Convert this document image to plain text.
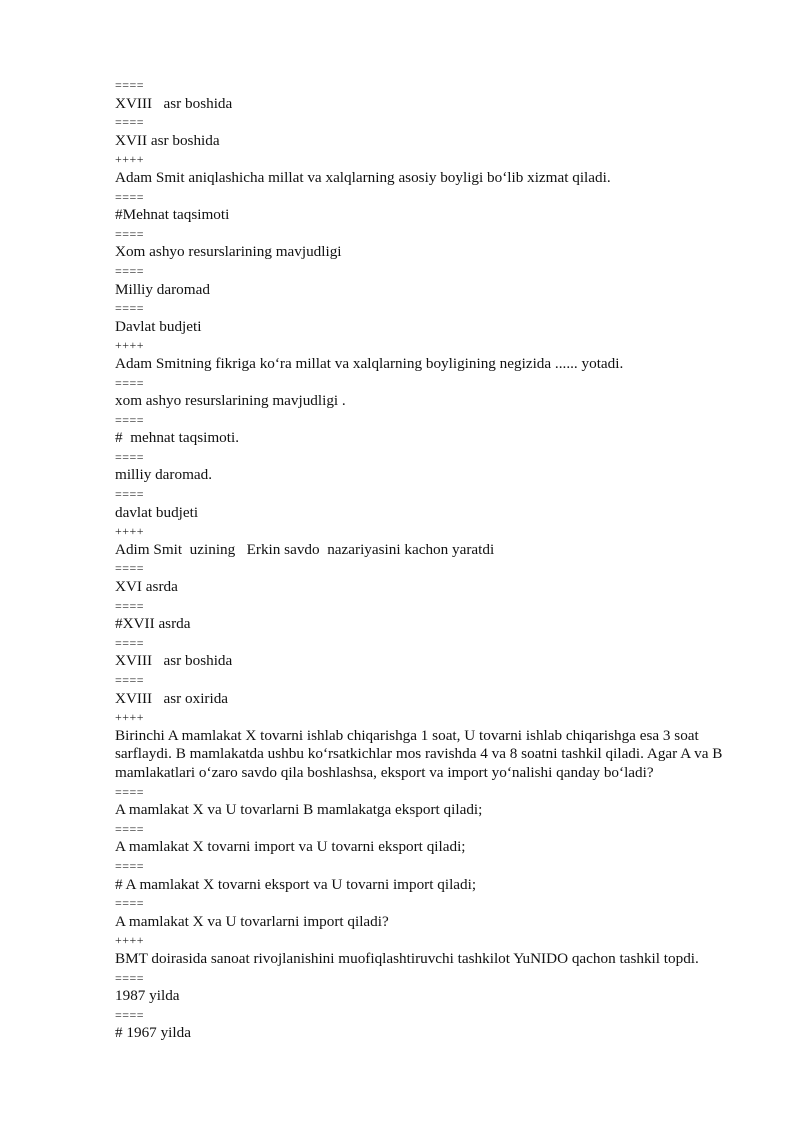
====
XVIII   asr boshida
====
XVII asr boshida
++++
Adam Smit aniqlashicha millat va xalqlarning asosiy boyligi bo‘lib xizmat qiladi.
====
#Mehnat taqsimoti
====
Xom ashyo resurslarining mavjudligi
====
Milliy daromad
====
Davlat budjeti
++++
Adam Smitning fikriga ko‘ra millat va xalqlarning boyligining negizida ...... yotadi.
====
xom ashyo resurslarining mavjudligi .
====
#  mehnat taqsimoti.
====
milliy daromad.
====
davlat budjeti
++++
Adim Smit  uzining   Erkin savdo  nazariyasini kachon yaratdi
====
XVI asrda
====
#XVII asrda
====
XVIII   asr boshida
====
XVIII   asr oxirida
++++
Birinchi A mamlakat X tovarni ishlab chiqarishga 1 soat, U tovarni ishlab chiqarishga esa 3 soat sarflaydi. B mamlakatda ushbu ko‘rsatkichlar mos ravishda 4 va 8 soatni tashkil qiladi. Agar A va B mamlakatlari o‘zaro savdo qila boshlashsa, eksport va import yo‘nalishi qanday bo‘ladi?
====
A mamlakat X va U tovarlarni B mamlakatga eksport qiladi;
====
A mamlakat X tovarni import va U tovarni eksport qiladi;
====
# A mamlakat X tovarni eksport va U tovarni import qiladi;
====
A mamlakat X va U tovarlarni import qiladi?
++++
BMT doirasida sanoat rivojlanishini muofiqlashtiruvchi tashkilot YuNIDO qachon tashkil topdi.
====
1987 yilda
====
# 1967 yilda
